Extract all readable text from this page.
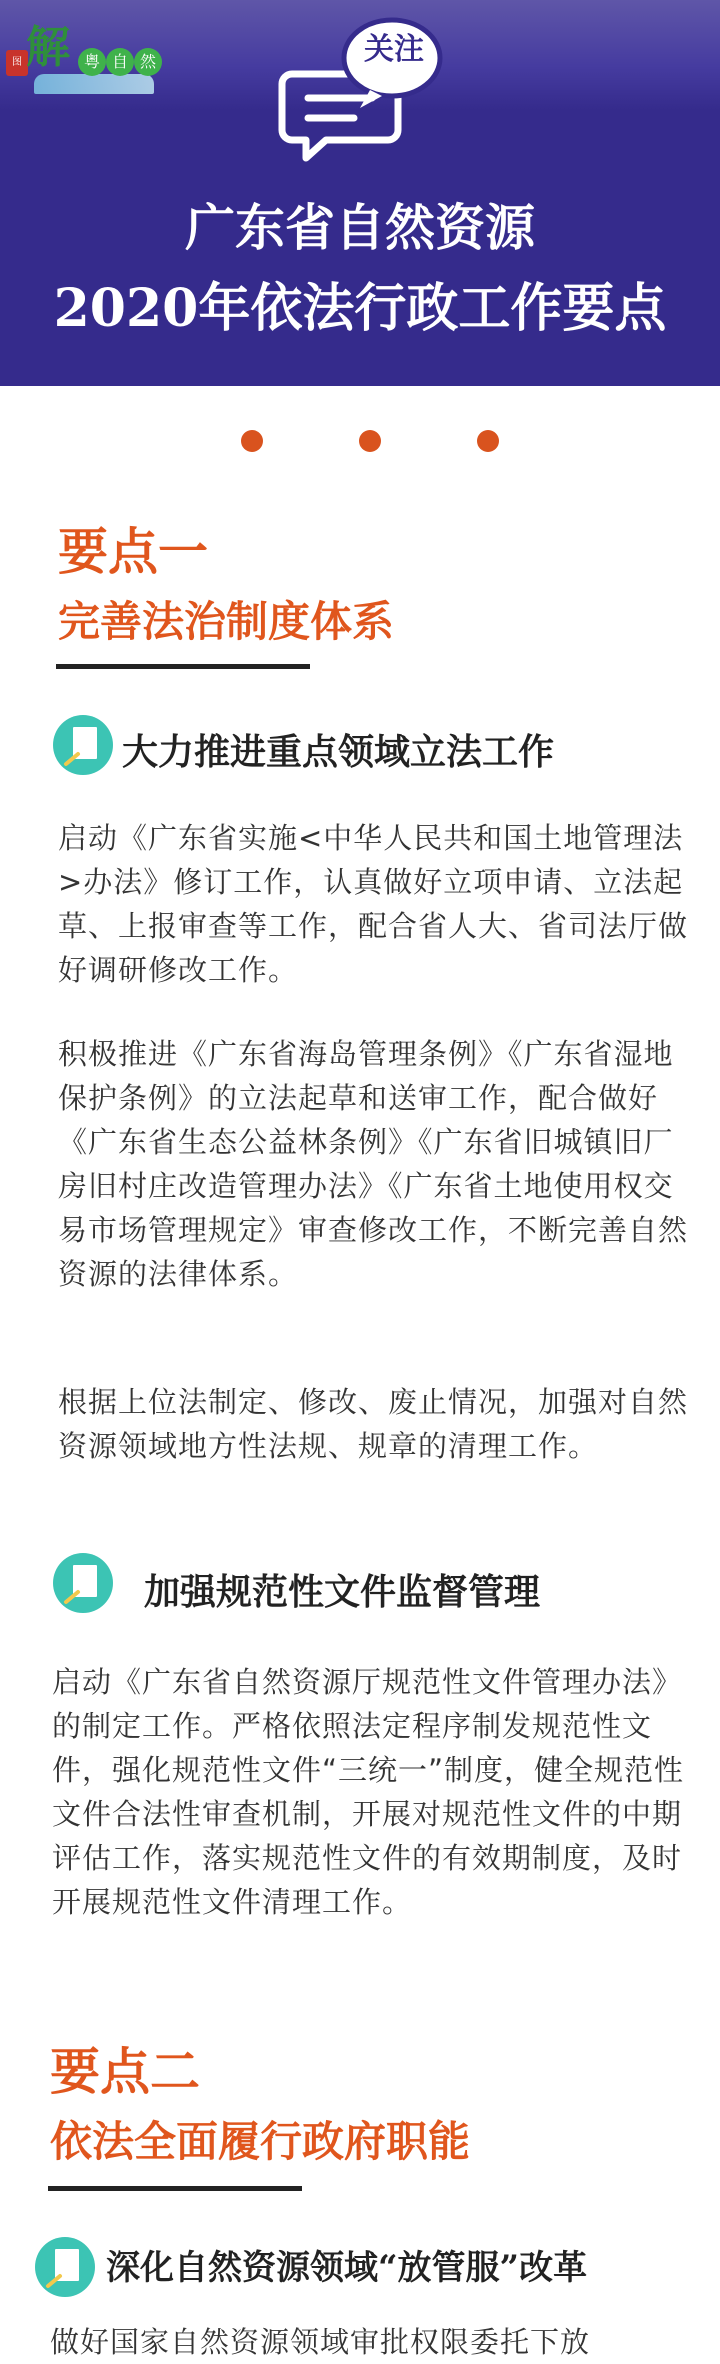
图 解 粤 自 然	关注
广东省自然资源
2020年依法行政工作要点
要点一
完善法治制度体系
大力推进重点领域立法工作
启动《广东省实施<中华人民共和国土地管理法>办法》修订工作，认真做好立项申请、立法起草、上报审查等工作，配合省人大、省司法厅做好调研修改工作。
积极推进《广东省海岛管理条例》《广东省湿地保护条例》的立法起草和送审工作，配合做好《广东省生态公益林条例》《广东省旧城镇旧厂房旧村庄改造管理办法》《广东省土地使用权交易市场管理规定》审查修改工作，不断完善自然资源的法律体系。
根据上位法制定、修改、废止情况，加强对自然资源领域地方性法规、规章的清理工作。
加强规范性文件监督管理
启动《广东省自然资源厅规范性文件管理办法》的制定工作。严格依照法定程序制发规范性文件，强化规范性文件“三统一”制度，健全规范性文件合法性审查机制，开展对规范性文件的中期评估工作，落实规范性文件的有效期制度，及时开展规范性文件清理工作。
要点二
依法全面履行政府职能
深化自然资源领域“放管服”改革
做好国家自然资源领域审批权限委托下放
